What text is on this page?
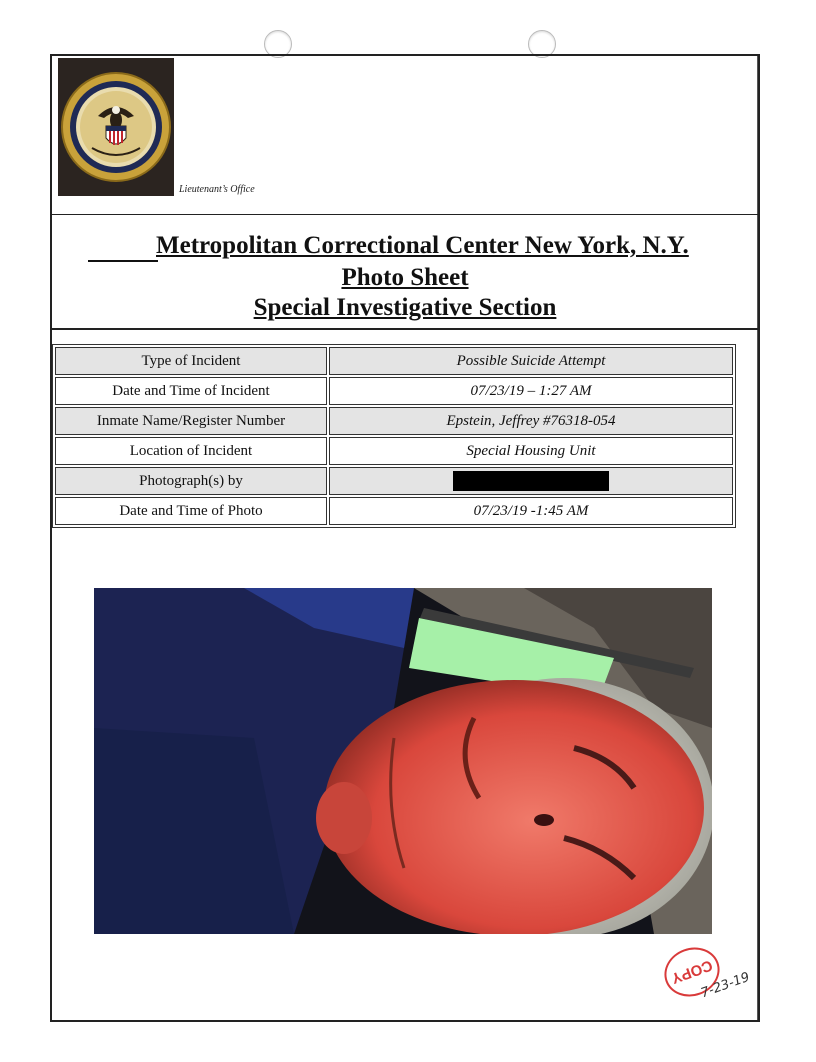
Lieutenant’s Office
Metropolitan Correctional Center New York, N.Y.
Photo Sheet
Special Investigative Section
Type of Incident	Possible Suicide Attempt
Date and Time of Incident	07/23/19 – 1:27 AM
Inmate Name/Register Number	Epstein, Jeffrey #76318-054
Location of Incident	Special Housing Unit
Photograph(s) by	
Date and Time of Photo	07/23/19 -1:45 AM
COPY
7-23-19
